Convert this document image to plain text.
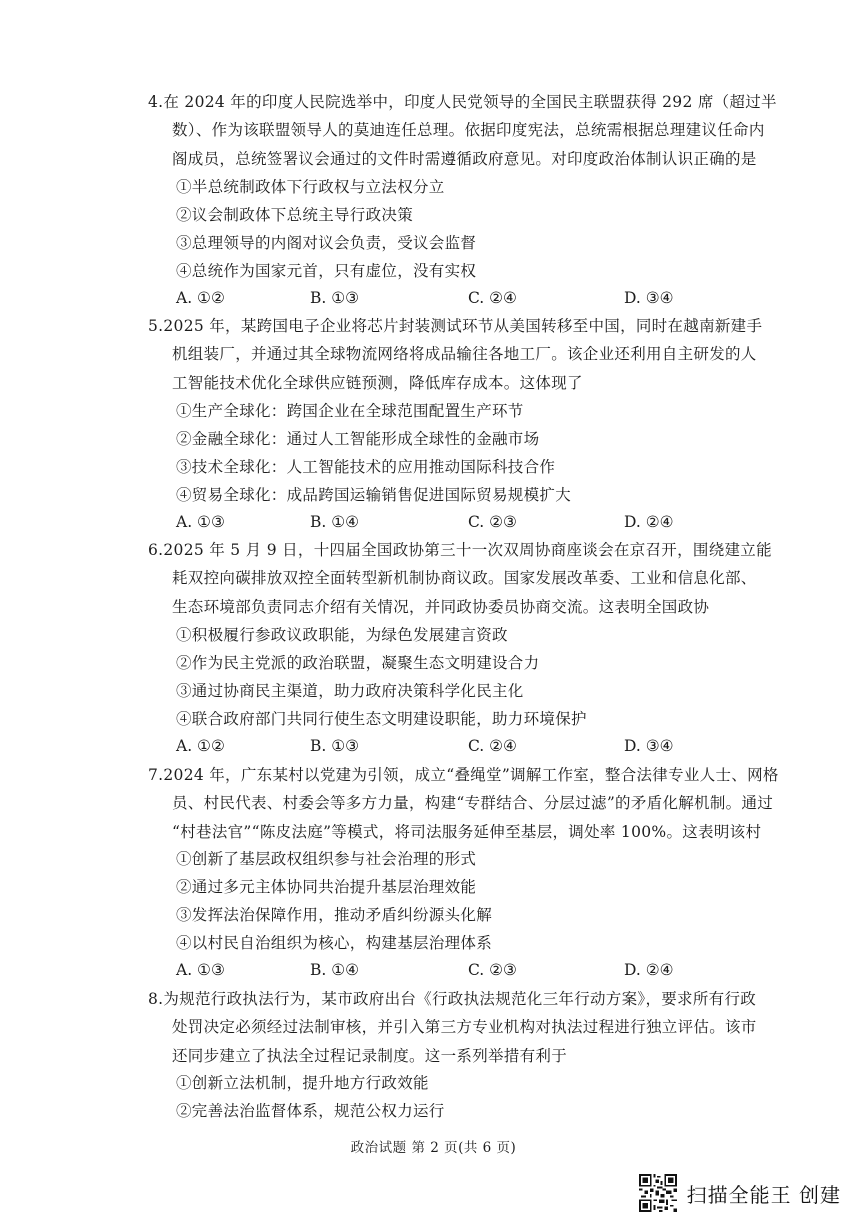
4.在 2024 年的印度人民院选举中，印度人民党领导的全国民主联盟获得 292 席（超过半
数）、作为该联盟领导人的莫迪连任总理。依据印度宪法，总统需根据总理建议任命内
阁成员，总统签署议会通过的文件时需遵循政府意见。对印度政治体制认识正确的是
①半总统制政体下行政权与立法权分立
②议会制政体下总统主导行政决策
③总理领导的内阁对议会负责，受议会监督
④总统作为国家元首，只有虚位，没有实权
A. ①②	B. ①③	C. ②④	D. ③④
5.2025 年，某跨国电子企业将芯片封装测试环节从美国转移至中国，同时在越南新建手
机组装厂，并通过其全球物流网络将成品输往各地工厂。该企业还利用自主研发的人
工智能技术优化全球供应链预测，降低库存成本。这体现了
①生产全球化：跨国企业在全球范围配置生产环节
②金融全球化：通过人工智能形成全球性的金融市场
③技术全球化：人工智能技术的应用推动国际科技合作
④贸易全球化：成品跨国运输销售促进国际贸易规模扩大
A. ①③	B. ①④	C. ②③	D. ②④
6.2025 年 5 月 9 日，十四届全国政协第三十一次双周协商座谈会在京召开，围绕建立能
耗双控向碳排放双控全面转型新机制协商议政。国家发展改革委、工业和信息化部、
生态环境部负责同志介绍有关情况，并同政协委员协商交流。这表明全国政协
①积极履行参政议政职能，为绿色发展建言资政
②作为民主党派的政治联盟，凝聚生态文明建设合力
③通过协商民主渠道，助力政府决策科学化民主化
④联合政府部门共同行使生态文明建设职能，助力环境保护
A. ①②	B. ①③	C. ②④	D. ③④
7.2024 年，广东某村以党建为引领，成立“叠绳堂”调解工作室，整合法律专业人士、网格
员、村民代表、村委会等多方力量，构建“专群结合、分层过滤”的矛盾化解机制。通过
“村巷法官”“陈皮法庭”等模式，将司法服务延伸至基层，调处率 100%。这表明该村
①创新了基层政权组织参与社会治理的形式
②通过多元主体协同共治提升基层治理效能
③发挥法治保障作用，推动矛盾纠纷源头化解
④以村民自治组织为核心，构建基层治理体系
A. ①③	B. ①④	C. ②③	D. ②④
8.为规范行政执法行为，某市政府出台《行政执法规范化三年行动方案》，要求所有行政
处罚决定必须经过法制审核，并引入第三方专业机构对执法过程进行独立评估。该市
还同步建立了执法全过程记录制度。这一系列举措有利于
①创新立法机制，提升地方行政效能
②完善法治监督体系，规范公权力运行
政治试题 第 2 页(共 6 页)
扫描全能王 创建
